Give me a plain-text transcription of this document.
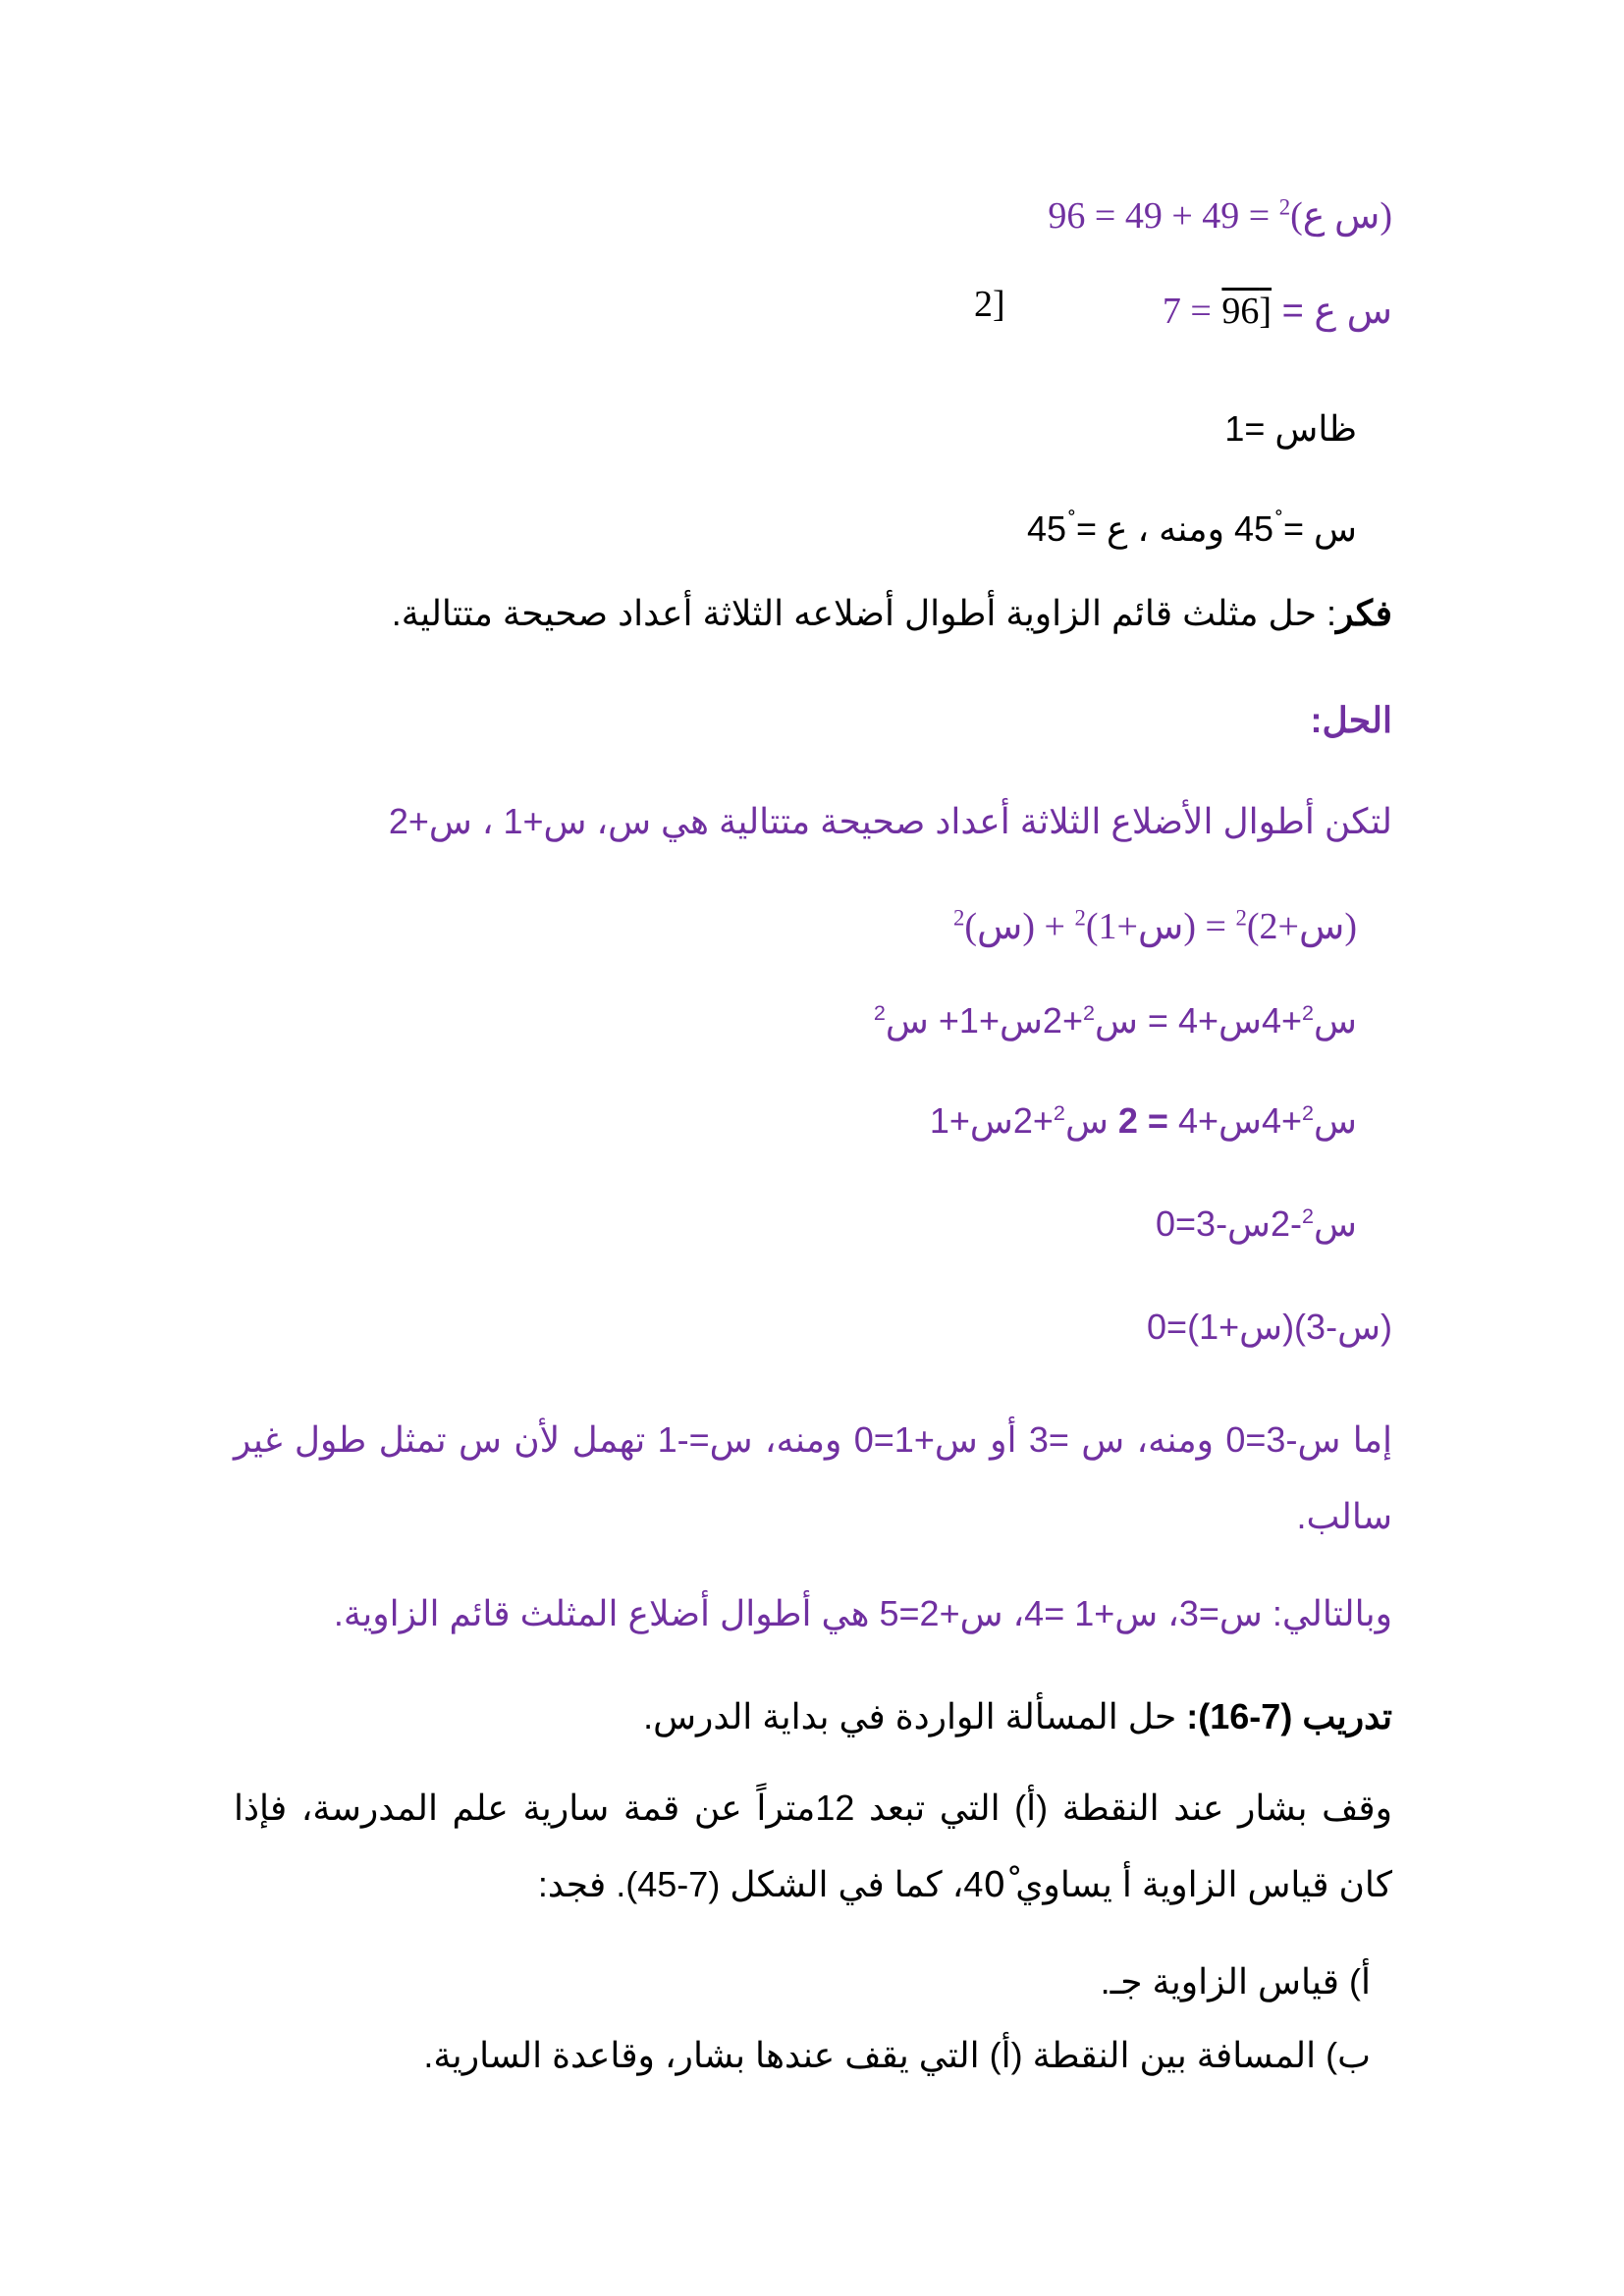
(س ع)$^2$ = 49 + 49 = 96
س ع = [96 = 7
2]
ظاس =1
س = 45 ومنه ، ع = 45
فكر: حل مثلث قائم الزاوية أطوال أضلاعه الثلاثة أعداد صحيحة متتالية.
الحل:
لتكن أطوال الأضلاع الثلاثة أعداد صحيحة متتالية هي س، س+1 ، س+2
(س+2)$^2$ = (س+1)$^2$ + (س)$^2$
س$^2$+4س+4 = س$^2$+2س+1+ س$^2$
س$^2$+4س+4 = 2 س$^2$+2س+1
س$^2$-2س-3=0
(س-3)(س+1)=0
إما س-3=0 ومنه، س =3 أو س+1=0 ومنه، س=-1 تهمل لأن س تمثل طول غير سالب.
وبالتالي: س=3، س+1 =4، س+2=5 هي أطوال أضلاع المثلث قائم الزاوية.
تدريب (7-16): حل المسألة الواردة في بداية الدرس.
وقف بشار عند النقطة (أ) التي تبعد 12متراً عن قمة سارية علم المدرسة، فإذا كان قياس الزاوية أ يساوي 40ْ، كما في الشكل (7-45). فجد:
أ) قياس الزاوية جـ.
ب) المسافة بين النقطة (أ) التي يقف عندها بشار، وقاعدة السارية.
